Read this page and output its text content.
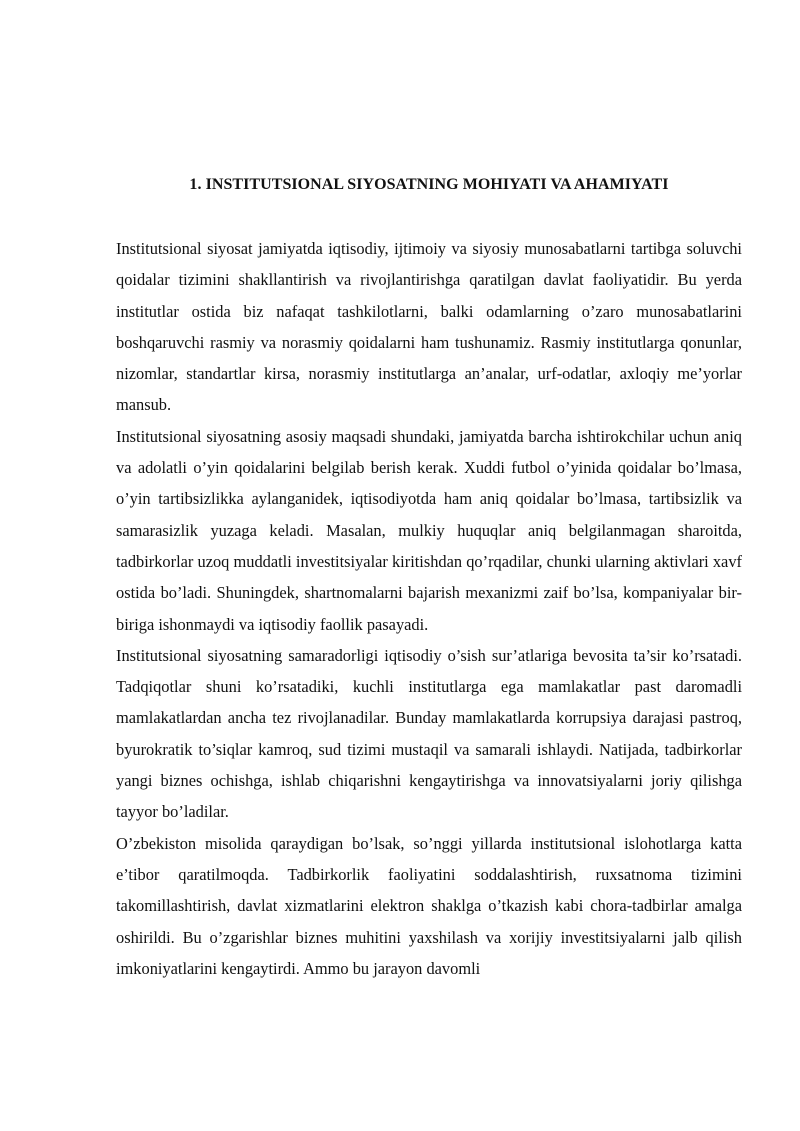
1. INSTITUTSIONAL SIYOSATNING MOHIYATI VA AHAMIYATI

Institutsional siyosat jamiyatda iqtisodiy, ijtimoiy va siyosiy munosabatlarni tartibga soluvchi qoidalar tizimini shakllantirish va rivojlantirishga qaratilgan davlat faoliyatidir. Bu yerda institutlar ostida biz nafaqat tashkilotlarni, balki odamlarning o’zaro munosabatlarini boshqaruvchi rasmiy va norasmiy qoidalarni ham tushunamiz. Rasmiy institutlarga qonunlar, nizomlar, standartlar kirsa, norasmiy institutlarga an’analar, urf-odatlar, axloqiy me’yorlar mansub.

Institutsional siyosatning asosiy maqsadi shundaki, jamiyatda barcha ishtirokchilar uchun aniq va adolatli o’yin qoidalarini belgilab berish kerak. Xuddi futbol o’yinida qoidalar bo’lmasa, o’yin tartibsizlikka aylanganidek, iqtisodiyotda ham aniq qoidalar bo’lmasa, tartibsizlik va samarasizlik yuzaga keladi. Masalan, mulkiy huquqlar aniq belgilanmagan sharoitda, tadbirkorlar uzoq muddatli investitsiyalar kiritishdan qo’rqadilar, chunki ularning aktivlari xavf ostida bo’ladi. Shuningdek, shartnomalarni bajarish mexanizmi zaif bo’lsa, kompaniyalar bir-biriga ishonmaydi va iqtisodiy faollik pasayadi.

Institutsional siyosatning samaradorligi iqtisodiy o’sish sur’atlariga bevosita ta’sir ko’rsatadi. Tadqiqotlar shuni ko’rsatadiki, kuchli institutlarga ega mamlakatlar past daromadli mamlakatlardan ancha tez rivojlanadilar. Bunday mamlakatlarda korrupsiya darajasi pastroq, byurokratik to’siqlar kamroq, sud tizimi mustaqil va samarali ishlaydi. Natijada, tadbirkorlar yangi biznes ochishga, ishlab chiqarishni kengaytirishga va innovatsiyalarni joriy qilishga tayyor bo’ladilar.

O’zbekiston misolida qaraydigan bo’lsak, so’nggi yillarda institutsional islohotlarga katta e’tibor qaratilmoqda. Tadbirkorlik faoliyatini soddalashtirish, ruxsatnoma tizimini takomillashtirish, davlat xizmatlarini elektron shaklga o’tkazish kabi chora-tadbirlar amalga oshirildi. Bu o’zgarishlar biznes muhitini yaxshilash va xorijiy investitsiyalarni jalb qilish imkoniyatlarini kengaytirdi. Ammo bu jarayon davomli
